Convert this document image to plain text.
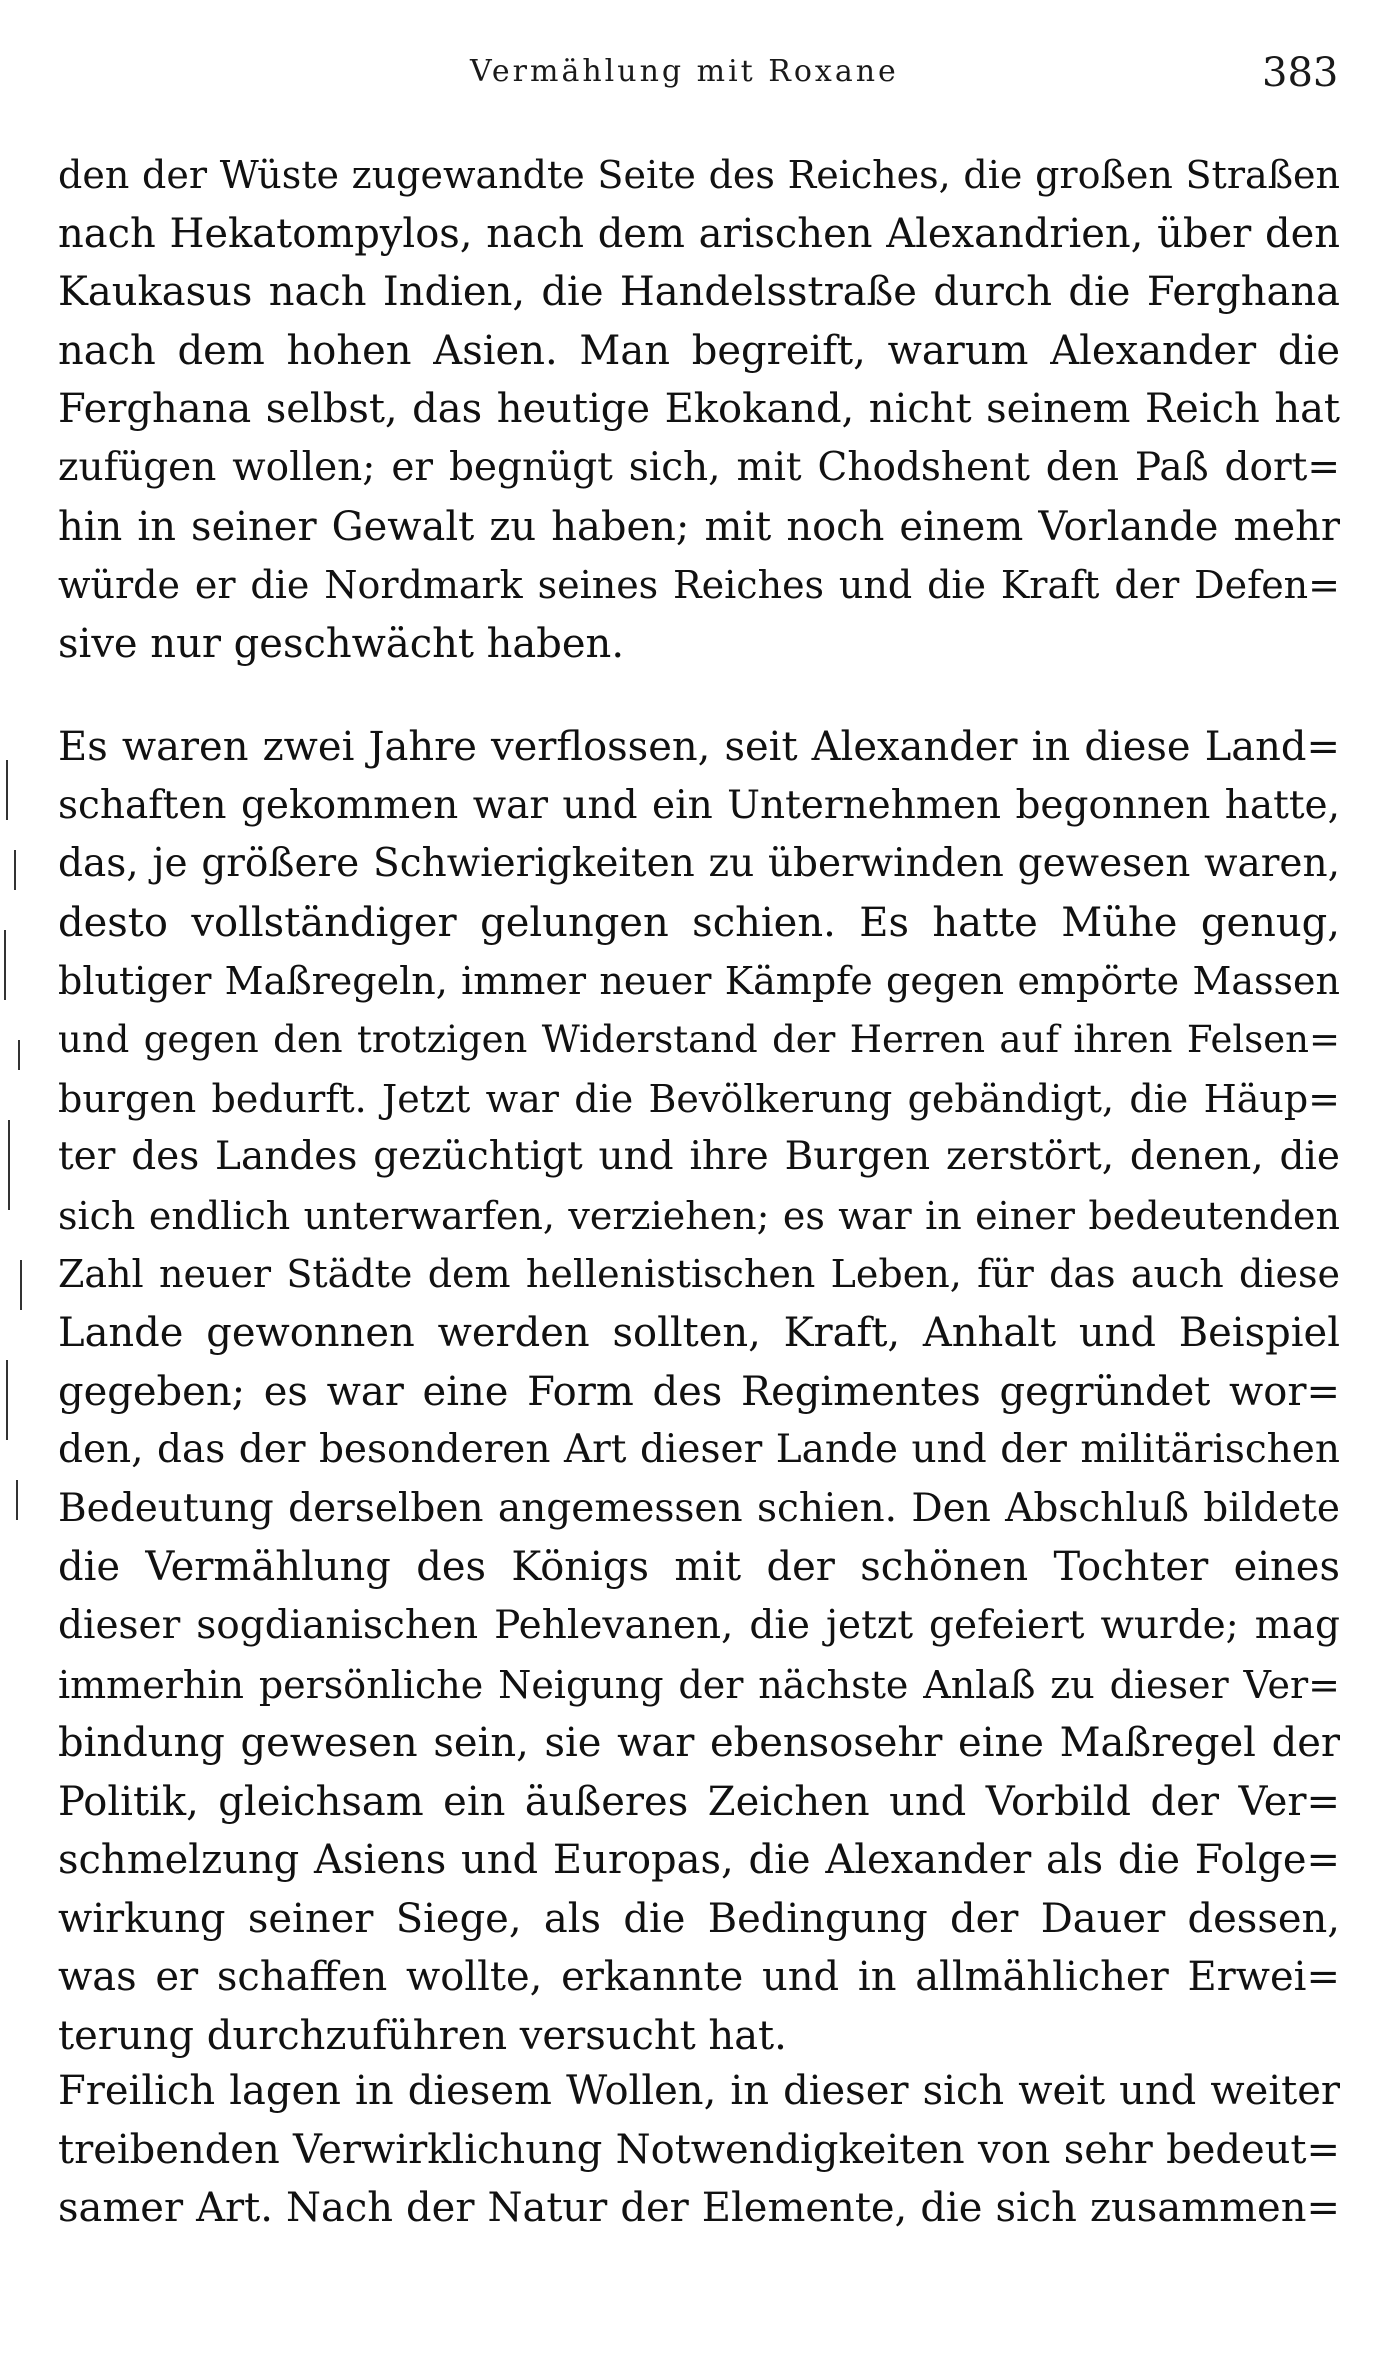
Vermählung mit Roxane	383
den der Wüste zugewandte Seite des Reiches, die großen Straßen
nach Hekatompylos, nach dem arischen Alexandrien, über den
Kaukasus nach Indien, die Handelsstraße durch die Ferghana
nach dem hohen Asien. Man begreift, warum Alexander die
Ferghana selbst, das heutige Ekokand, nicht seinem Reich hat
zufügen wollen; er begnügt sich, mit Chodshent den Paß dort=
hin in seiner Gewalt zu haben; mit noch einem Vorlande mehr
würde er die Nordmark seines Reiches und die Kraft der Defen=
sive nur geschwächt haben.
Es waren zwei Jahre verflossen, seit Alexander in diese Land=
schaften gekommen war und ein Unternehmen begonnen hatte,
das, je größere Schwierigkeiten zu überwinden gewesen waren,
desto vollständiger gelungen schien. Es hatte Mühe genug,
blutiger Maßregeln, immer neuer Kämpfe gegen empörte Massen
und gegen den trotzigen Widerstand der Herren auf ihren Felsen=
burgen bedurft. Jetzt war die Bevölkerung gebändigt, die Häup=
ter des Landes gezüchtigt und ihre Burgen zerstört, denen, die
sich endlich unterwarfen, verziehen; es war in einer bedeutenden
Zahl neuer Städte dem hellenistischen Leben, für das auch diese
Lande gewonnen werden sollten, Kraft, Anhalt und Beispiel
gegeben; es war eine Form des Regimentes gegründet wor=
den, das der besonderen Art dieser Lande und der militärischen
Bedeutung derselben angemessen schien. Den Abschluß bildete
die Vermählung des Königs mit der schönen Tochter eines
dieser sogdianischen Pehlevanen, die jetzt gefeiert wurde; mag
immerhin persönliche Neigung der nächste Anlaß zu dieser Ver=
bindung gewesen sein, sie war ebensosehr eine Maßregel der
Politik, gleichsam ein äußeres Zeichen und Vorbild der Ver=
schmelzung Asiens und Europas, die Alexander als die Folge=
wirkung seiner Siege, als die Bedingung der Dauer dessen,
was er schaffen wollte, erkannte und in allmählicher Erwei=
terung durchzuführen versucht hat.
Freilich lagen in diesem Wollen, in dieser sich weit und weiter
treibenden Verwirklichung Notwendigkeiten von sehr bedeut=
samer Art. Nach der Natur der Elemente, die sich zusammen=
